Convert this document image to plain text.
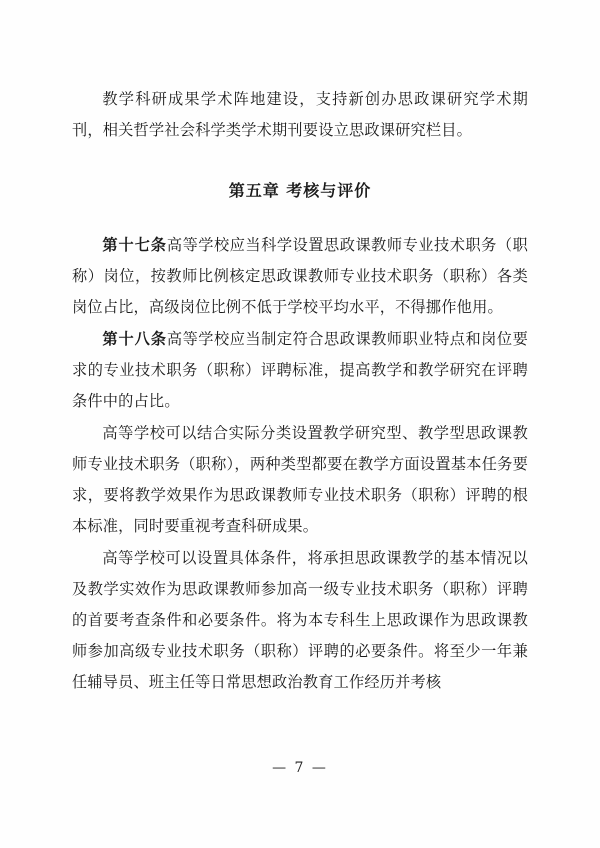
教学科研成果学术阵地建设，支持新创办思政课研究学术期刊，相关哲学社会科学类学术期刊要设立思政课研究栏目。

第五章 考核与评价

第十七条高等学校应当科学设置思政课教师专业技术职务（职称）岗位，按教师比例核定思政课教师专业技术职务（职称）各类岗位占比，高级岗位比例不低于学校平均水平，不得挪作他用。

第十八条高等学校应当制定符合思政课教师职业特点和岗位要求的专业技术职务（职称）评聘标准，提高教学和教学研究在评聘条件中的占比。

高等学校可以结合实际分类设置教学研究型、教学型思政课教师专业技术职务（职称），两种类型都要在教学方面设置基本任务要求，要将教学效果作为思政课教师专业技术职务（职称）评聘的根本标准，同时要重视考查科研成果。

高等学校可以设置具体条件，将承担思政课教学的基本情况以及教学实效作为思政课教师参加高一级专业技术职务（职称）评聘的首要考查条件和必要条件。将为本专科生上思政课作为思政课教师参加高级专业技术职务（职称）评聘的必要条件。将至少一年兼任辅导员、班主任等日常思想政治教育工作经历并考核

— 7 —
